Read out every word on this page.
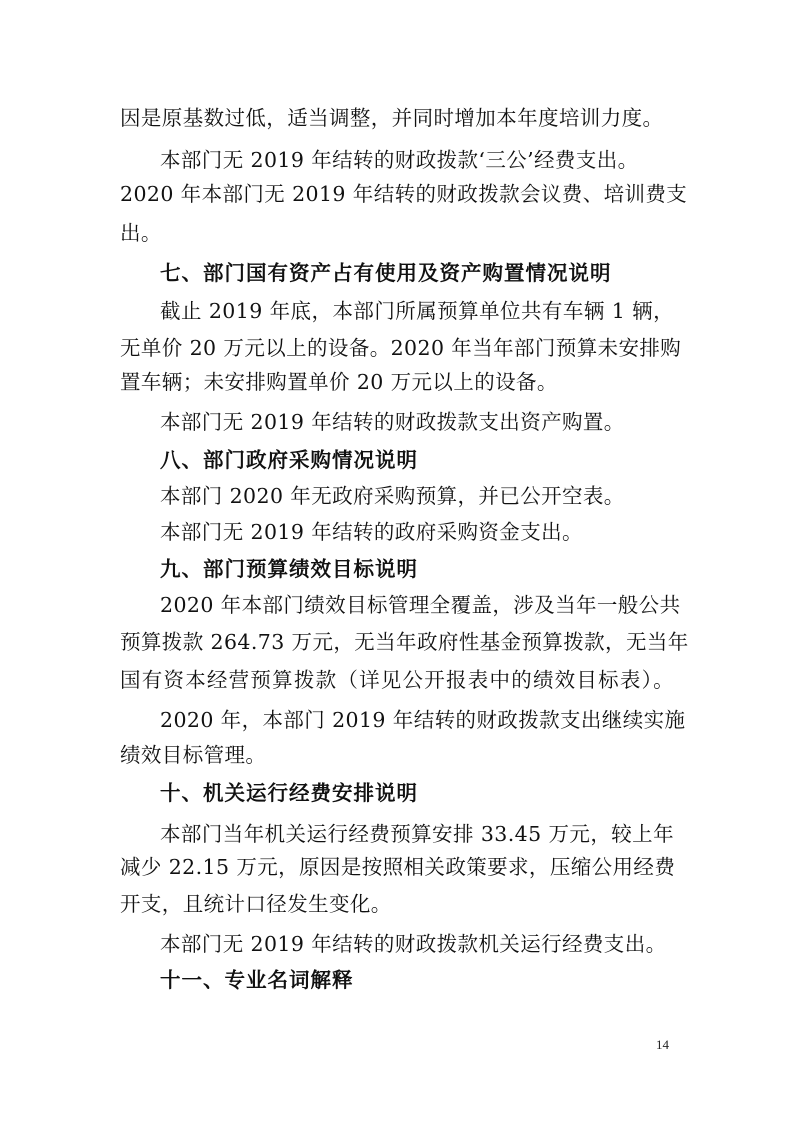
因是原基数过低，适当调整，并同时增加本年度培训力度。
本部门无 2019 年结转的财政拨款‘三公’经费支出。
2020 年本部门无 2019 年结转的财政拨款会议费、培训费支
出。
七、部门国有资产占有使用及资产购置情况说明
截止 2019 年底，本部门所属预算单位共有车辆 1 辆，
无单价 20 万元以上的设备。2020 年当年部门预算未安排购
置车辆；未安排购置单价 20 万元以上的设备。
本部门无 2019 年结转的财政拨款支出资产购置。
八、部门政府采购情况说明
本部门 2020 年无政府采购预算，并已公开空表。
本部门无 2019 年结转的政府采购资金支出。
九、部门预算绩效目标说明
2020 年本部门绩效目标管理全覆盖，涉及当年一般公共
预算拨款 264.73 万元，无当年政府性基金预算拨款，无当年
国有资本经营预算拨款（详见公开报表中的绩效目标表）。
2020 年，本部门 2019 年结转的财政拨款支出继续实施
绩效目标管理。
十、机关运行经费安排说明
本部门当年机关运行经费预算安排 33.45 万元，较上年
减少 22.15 万元，原因是按照相关政策要求，压缩公用经费
开支，且统计口径发生变化。
本部门无 2019 年结转的财政拨款机关运行经费支出。
十一、专业名词解释
14
